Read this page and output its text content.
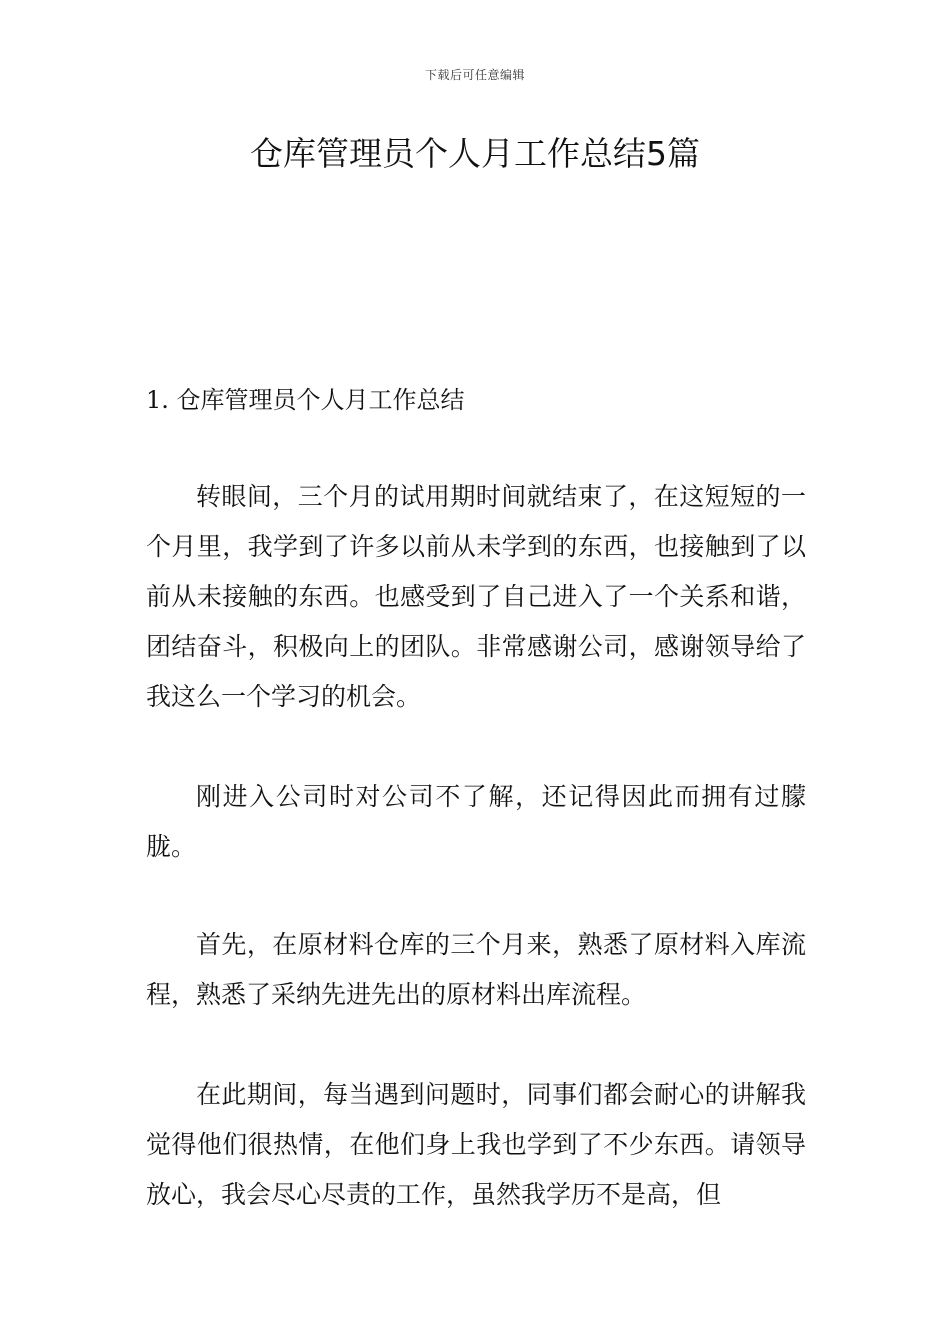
下载后可任意编辑
仓库管理员个人月工作总结5篇
1. 仓库管理员个人月工作总结

转眼间，三个月的试用期时间就结束了，在这短短的一个月里，我学到了许多以前从未学到的东西，也接触到了以前从未接触的东西。也感受到了自己进入了一个关系和谐，团结奋斗，积极向上的团队。非常感谢公司，感谢领导给了我这么一个学习的机会。

刚进入公司时对公司不了解，还记得因此而拥有过朦胧。

首先，在原材料仓库的三个月来，熟悉了原材料入库流程，熟悉了采纳先进先出的原材料出库流程。

在此期间，每当遇到问题时，同事们都会耐心的讲解我觉得他们很热情，在他们身上我也学到了不少东西。请领导放心，我会尽心尽责的工作，虽然我学历不是高，但
